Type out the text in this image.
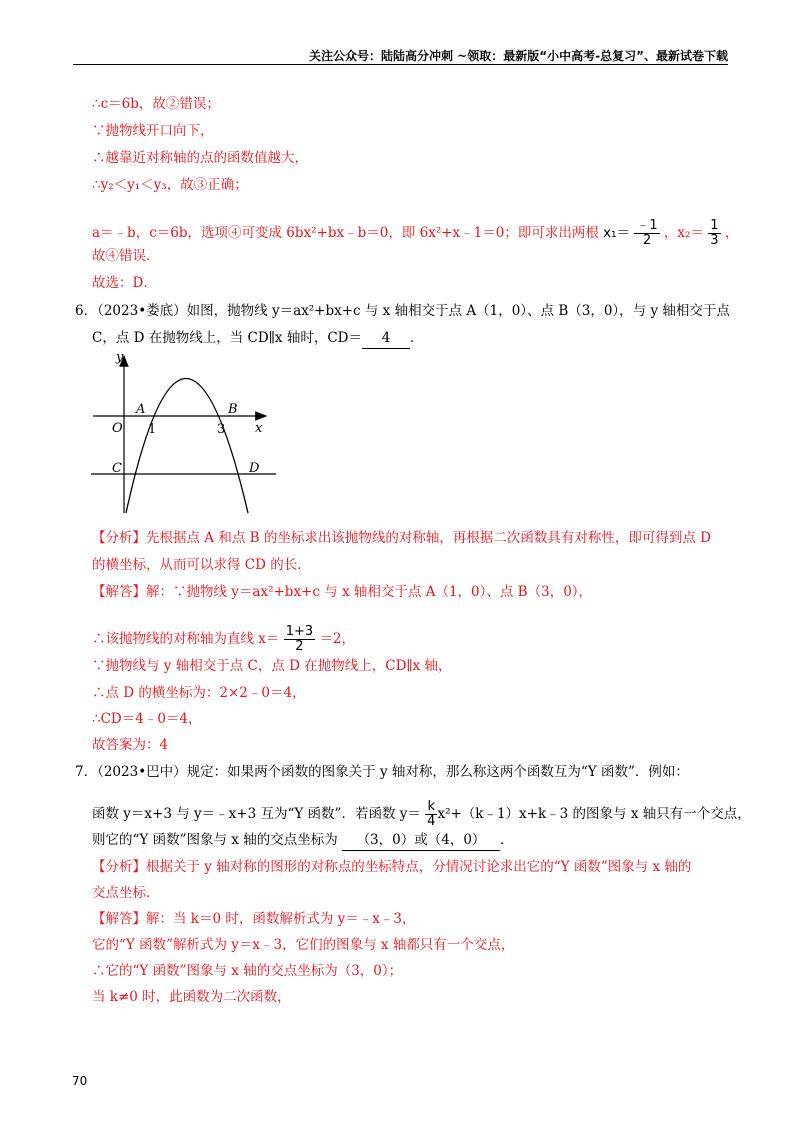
关注公众号：陆陆高分冲刺 ~领取：最新版“小中高考-总复习”、最新试卷下载
∴c＝6b，故②错误；
∵抛物线开口向下，
∴越靠近对称轴的点的函数值越大，
∴y₂＜y₁＜y₃，故③正确；
a＝﹣b，c＝6b，选项④可变成 6bx²+bx﹣b＝0，即 6x²+x﹣1＝0；即可求出两根 $x_1= \frac{﹣1}{2}$ ，$x_2= \frac{1}{3}$ ，
故④错误．
故选：D．
6．（2023•娄底）如图，抛物线 y＝ax²+bx+c 与 x 轴相交于点 A（1，0）、点 B（3，0），与 y 轴相交于点
C，点 D 在抛物线上，当 CD∥x 轴时，CD＝ 4 ．
y
x
O
A	B
C	D
1	3
【分析】先根据点 A 和点 B 的坐标求出该抛物线的对称轴，再根据二次函数具有对称性，即可得到点 D
的横坐标，从而可以求得 CD 的长．
【解答】解：∵抛物线 y＝ax²+bx+c 与 x 轴相交于点 A（1，0）、点 B（3，0），
∴该抛物线的对称轴为直线 $x= \frac{1+3}{2} =2$，
∵抛物线与 y 轴相交于点 C，点 D 在抛物线上，CD∥x 轴，
∴点 D 的横坐标为：2×2﹣0＝4，
∴CD＝4﹣0＝4，
故答案为：4
7．（2023•巴中）规定：如果两个函数的图象关于 y 轴对称，那么称这两个函数互为“Y 函数”．例如：
函数 y＝x+3 与 y＝﹣x+3 互为“Y 函数”．若函数 $y= \frac{k}{4}$ x²+（k﹣1）x+k﹣3 的图象与 x 轴只有一个交点，
则它的“Y 函数”图象与 x 轴的交点坐标为 （3，0）或（4，0） ．
【分析】根据关于 y 轴对称的图形的对称点的坐标特点，分情况讨论求出它的“Y 函数”图象与 x 轴的
交点坐标．
【解答】解：当 k＝0 时，函数解析式为 y＝﹣x﹣3，
它的“Y 函数”解析式为 y＝x﹣3，它们的图象与 x 轴都只有一个交点，
∴它的“Y 函数”图象与 x 轴的交点坐标为（3，0）；
当 k≠0 时，此函数为二次函数，
70
